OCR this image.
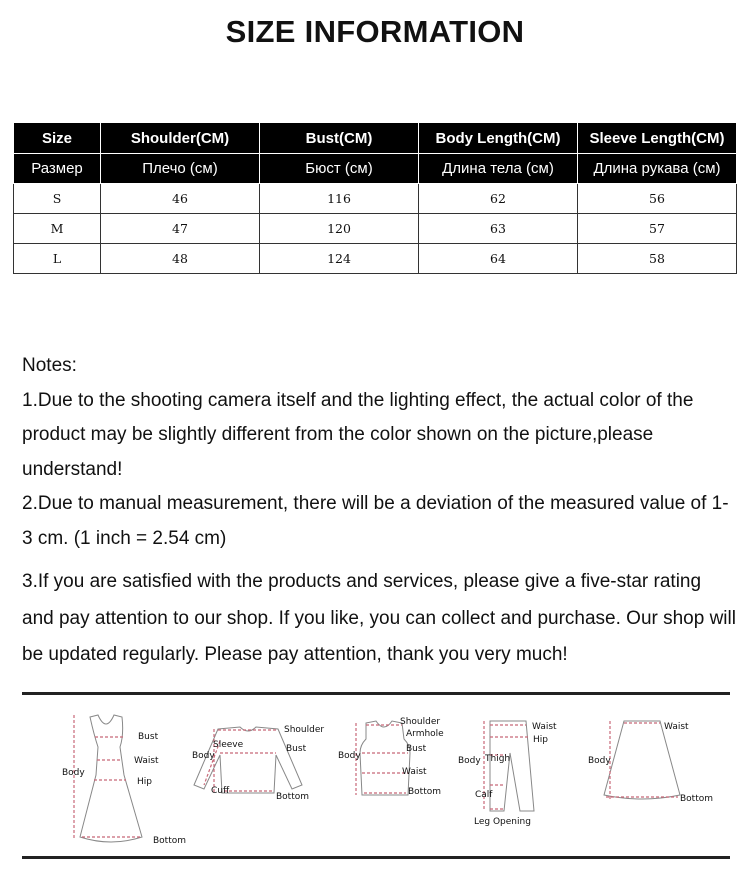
SIZE INFORMATION
Size	Shoulder(CM)	Bust(CM)	Body Length(CM)	Sleeve Length(CM)
Размер	Плечо (см)	Бюст (см)	Длина тела (см)	Длина рукава (см)
S	46	116	62	56
M	47	120	63	57
L	48	124	64	58

Notes:

1.Due to the shooting camera itself and the lighting effect, the actual color of the product may be slightly different from the color shown on the picture,please understand!

2.Due to manual measurement, there will be a deviation of the measured value of 1-3 cm. (1 inch = 2.54 cm)

3.If you are satisfied with the products and services, please give a five-star rating and pay attention to our shop. If you like, you can collect and purchase. Our shop will be updated regularly. Please pay attention, thank you very much!

Body
Bust
Waist
Hip
Bottom
Body
Sleeve
Shoulder
Bust
Cuff
Bottom
Body
Shoulder
Armhole
Bust
Waist
Bottom
Body
Waist
Hip
Thigh
Calf
Leg Opening
Body
Waist
Bottom
